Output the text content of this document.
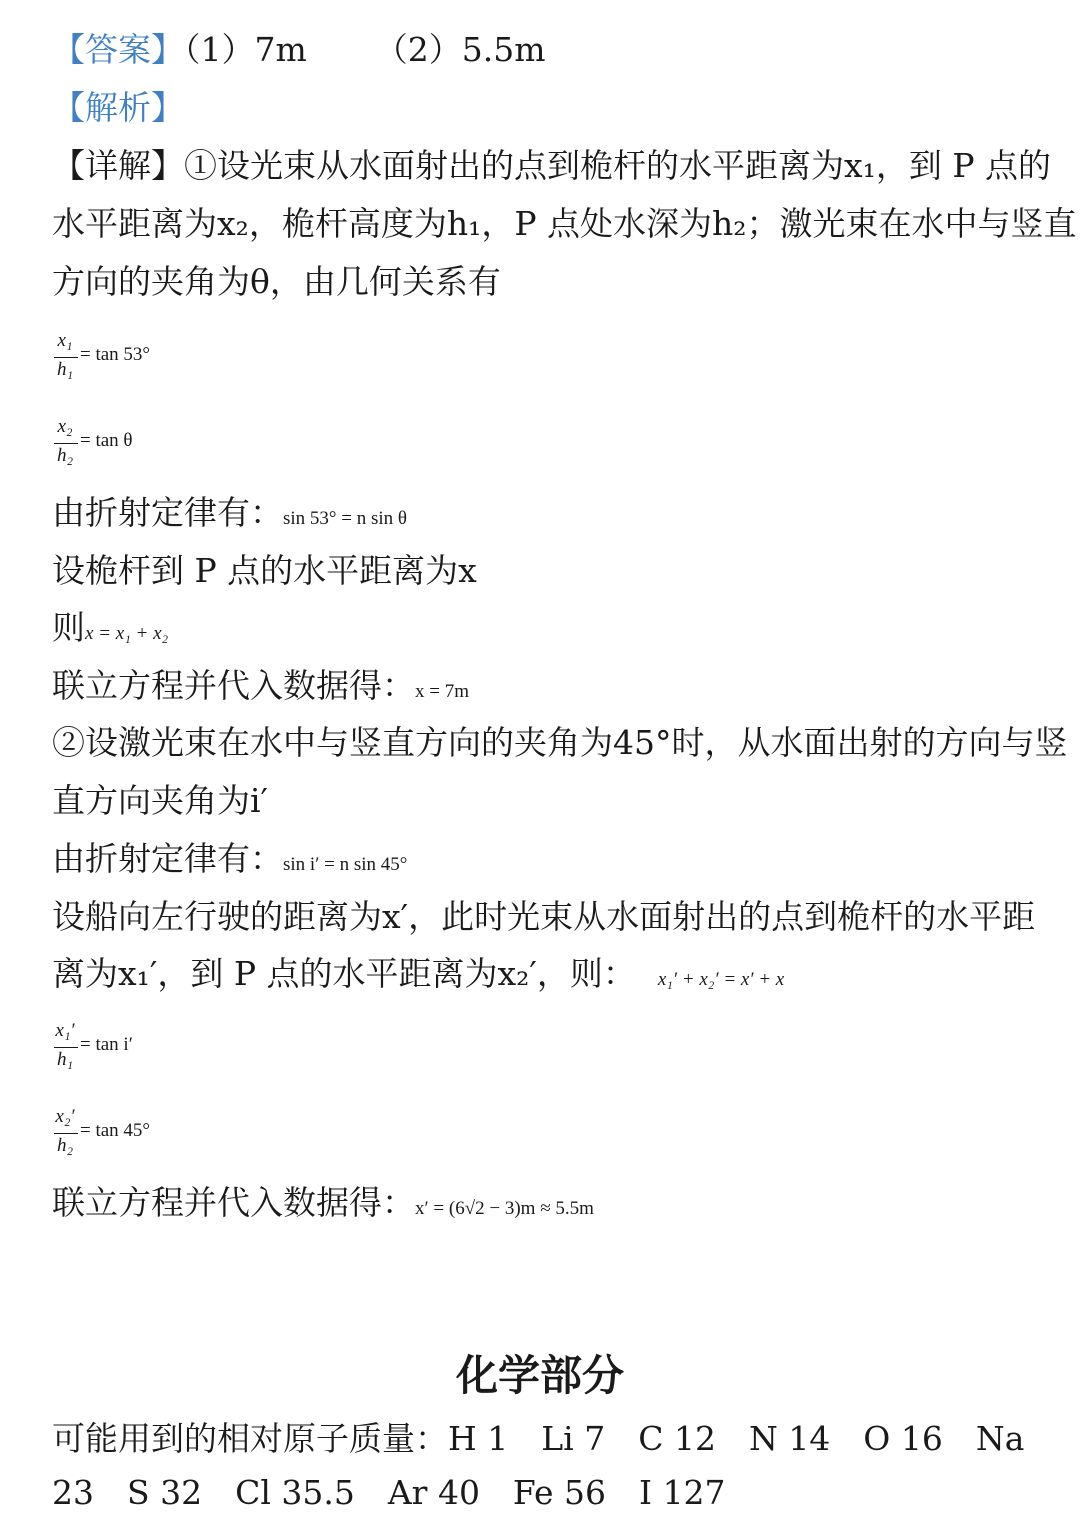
【答案】（1）7m （2）5.5m
【解析】
【详解】①设光束从水面射出的点到桅杆的水平距离为x₁，到 P 点的
水平距离为x₂，桅杆高度为h₁，P 点处水深为h₂；激光束在水中与竖直
方向的夹角为θ，由几何关系有
x₁
h₁
= tan 53°
x₂
h₂
= tan θ
由折射定律有：sin 53° = n sin θ
设桅杆到 P 点的水平距离为x
则x = x₁ + x₂
联立方程并代入数据得：x = 7m
②设激光束在水中与竖直方向的夹角为45°时，从水面出射的方向与竖
直方向夹角为i′
由折射定律有：sin i′ = n sin 45°
设船向左行驶的距离为x′，此时光束从水面射出的点到桅杆的水平距
离为x₁′，到 P 点的水平距离为x₂′，则： x₁′ + x₂′ = x′ + x
x₁′
h₁
= tan i′
x₂′
h₂
= tan 45°
联立方程并代入数据得：x′ = (6√2 − 3)m ≈ 5.5m
化学部分
可能用到的相对原子质量：H 1　Li 7　C 12　N 14　O 16　Na 23　S 32　Cl 35.5　Ar 40　Fe 56　I 127
